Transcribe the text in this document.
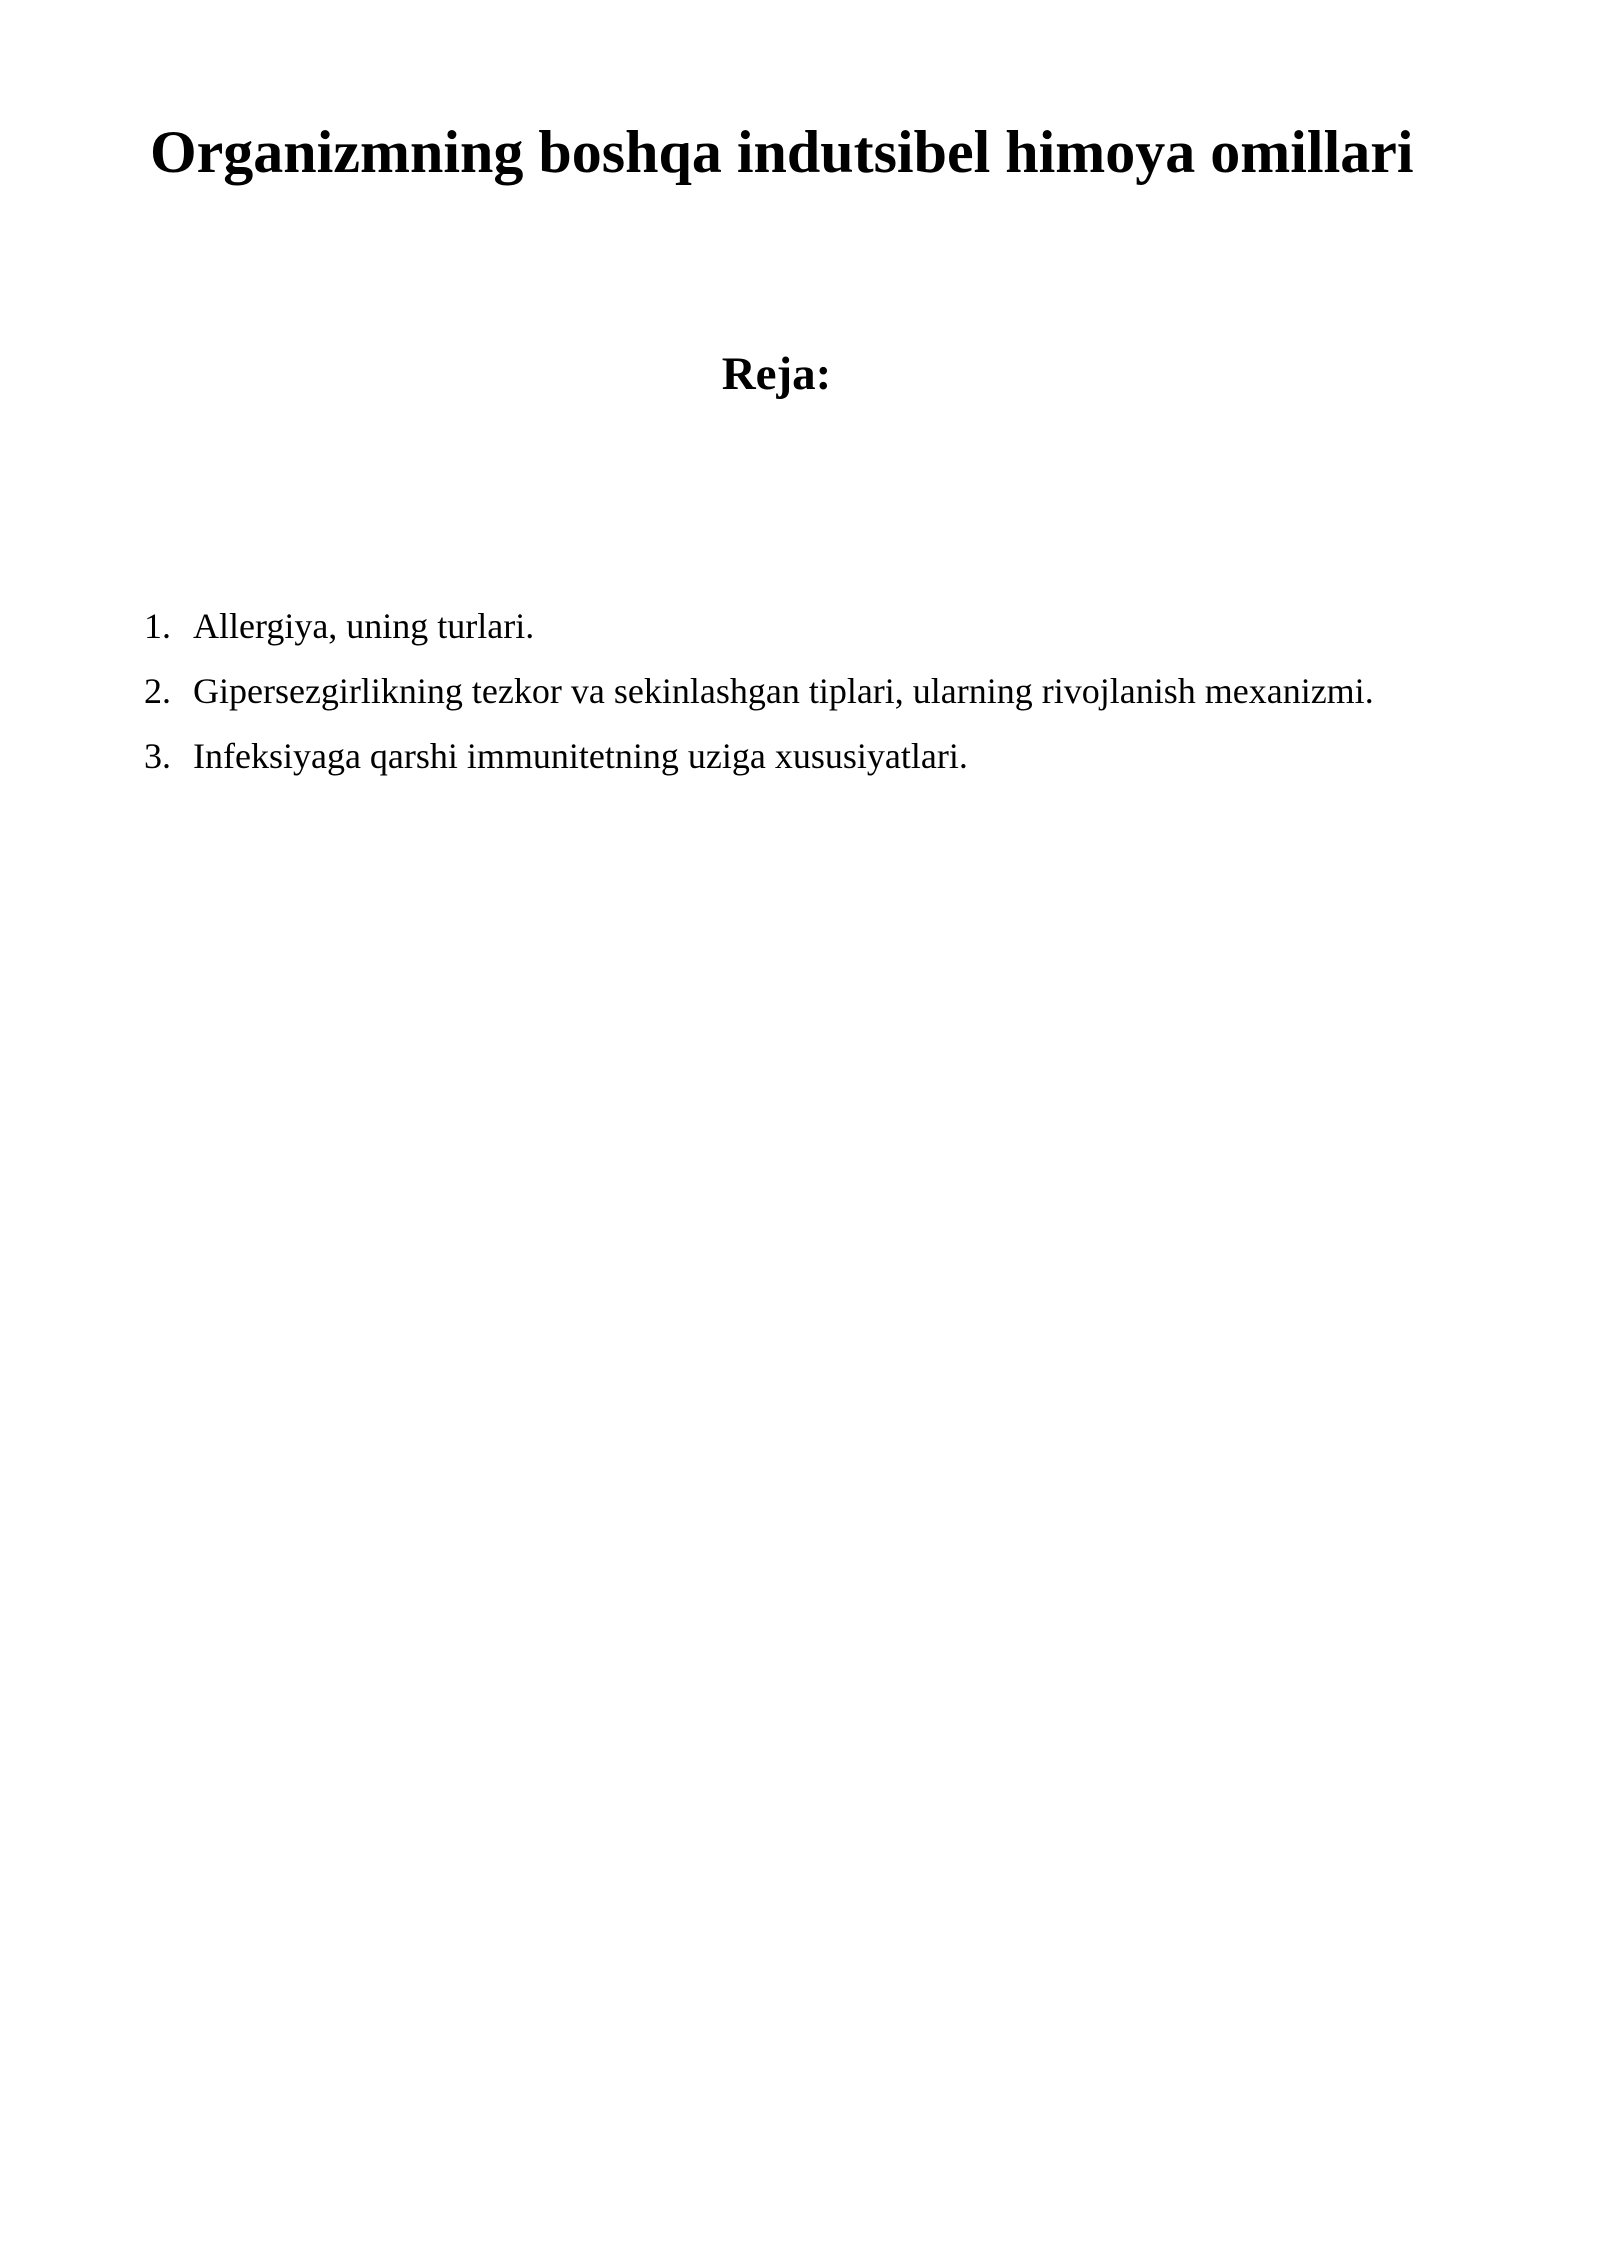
Organizmning boshqa indutsibel himoya omillari
Reja:
1. Allergiya, uning turlari.
2. Gipersezgirlikning tezkor va sekinlashgan tiplari, ularning rivojlanish mexanizmi.
3. Infeksiyaga qarshi immunitetning uziga xususiyatlari.
